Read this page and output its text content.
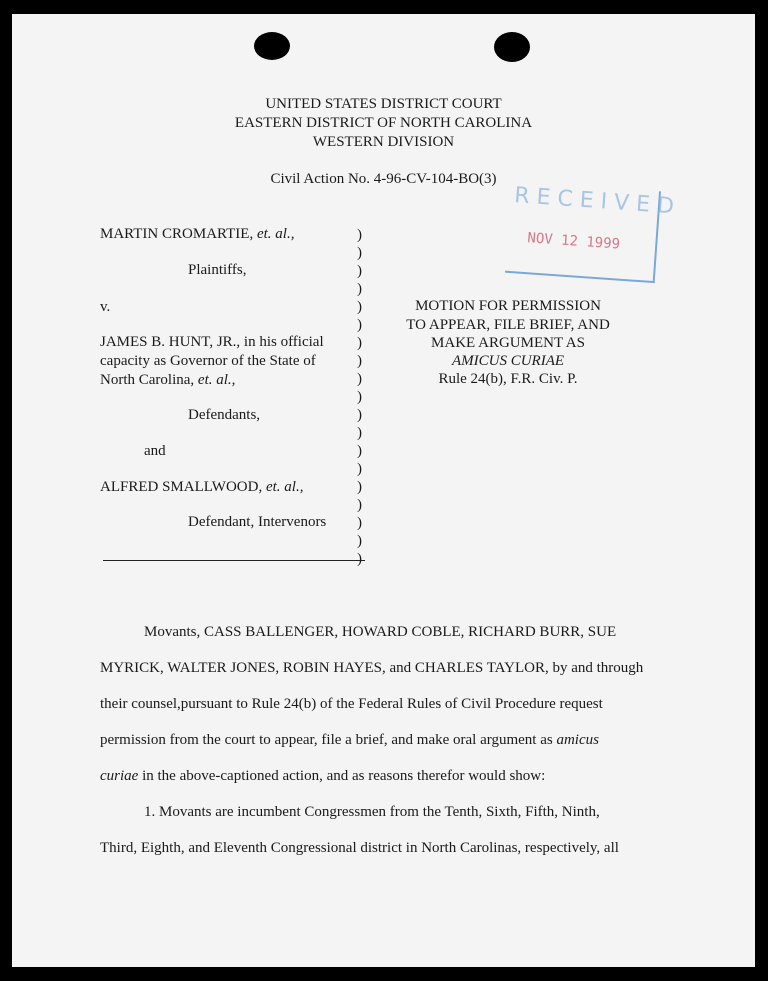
UNITED STATES DISTRICT COURT
EASTERN DISTRICT OF NORTH CAROLINA
WESTERN DIVISION
Civil Action No. 4-96-CV-104-BO(3)
RECEIVED
NOV 12 1999
MARTIN CROMARTIE, et. al.,
Plaintiffs,
v.
JAMES B. HUNT, JR., in his official
capacity as Governor of the State of
North Carolina, et. al.,
Defendants,
and
ALFRED SMALLWOOD, et. al.,
Defendant, Intervenors
)
)
)
)
)
)
)
)
)
)
)
)
)
)
)
)
)
)
)
MOTION FOR PERMISSION
TO APPEAR, FILE BRIEF, AND
MAKE ARGUMENT AS
AMICUS CURIAE
Rule 24(b), F.R. Civ. P.
Movants, CASS BALLENGER, HOWARD COBLE, RICHARD BURR, SUE
MYRICK, WALTER JONES, ROBIN HAYES, and CHARLES TAYLOR, by and through
their counsel,pursuant to Rule 24(b) of the Federal Rules of Civil Procedure request
permission from the court to appear, file a brief, and make oral argument as amicus
curiae in the above-captioned action, and as reasons therefor would show:
1. Movants are incumbent Congressmen from the Tenth, Sixth, Fifth, Ninth,
Third, Eighth, and Eleventh Congressional district in North Carolinas, respectively, all
